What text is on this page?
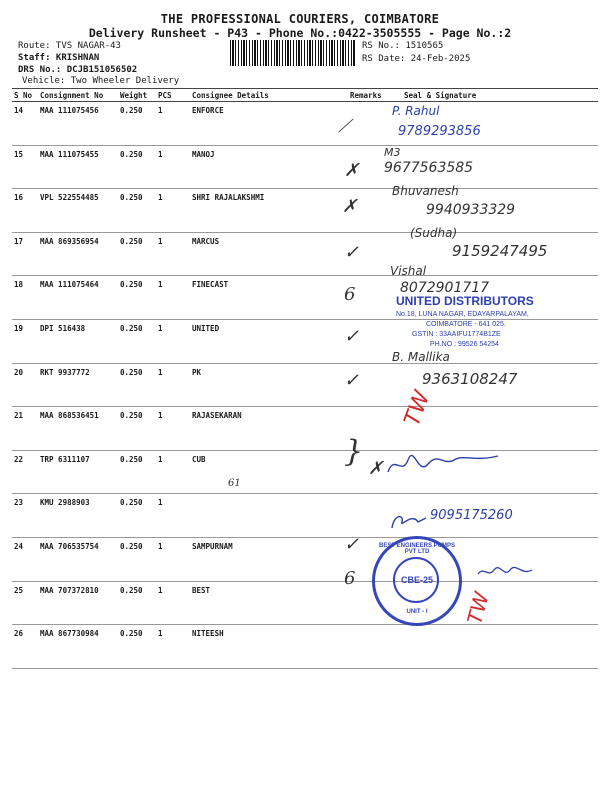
THE PROFESSIONAL COURIERS, COIMBATORE
Delivery Runsheet - P43 - Phone No.:0422-3505555 - Page No.:2
Route: TVS NAGAR-43
Staff: KRISHNAN
DRS No.: DCJB151056502
Vehicle: Two Wheeler Delivery
RS No.: 1510565
RS Date: 24-Feb-2025
S No	Consignment No	Weight	PCS	Consignee Details	Remarks	Seal & Signature
14	MAA 111075456	0.250	1	ENFORCE		
15	MAA 111075455	0.250	1	MANOJ		
16	VPL 522554485	0.250	1	SHRI RAJALAKSHMI		
17	MAA 869356954	0.250	1	MARCUS		
18	MAA 111075464	0.250	1	FINECAST		
19	DPI 516438	0.250	1	UNITED		
20	RKT 9937772	0.250	1	PK		
21	MAA 868536451	0.250	1	RAJASEKARAN		
22	TRP 6311107	0.250	1	CUB		
23	KMU 2988903	0.250	1			
24	MAA 706535754	0.250	1	SAMPURNAM		
25	MAA 707372810	0.250	1	BEST		
26	MAA 867730984	0.250	1	NITEESH		
⟋
✗
✗
✓
6
✓
✓
} ✗
✓
6
61
P. Rahul
9789293856
M3
9677563585
Bhuvanesh
9940933329
(Sudha)
9159247495
Vishal
8072901717
B. Mallika
9363108247
9095175260
TW
TW
UNITED DISTRIBUTORS
No.18, LUNA NAGAR, EDAYARPALAYAM,
COIMBATORE - 641 025.
GSTIN : 33AAIFU1774B1ZE
PH.NO : 99526 54254
BEST ENGINEERS PUMPS PVT LTD
CBE-25
UNIT - I
